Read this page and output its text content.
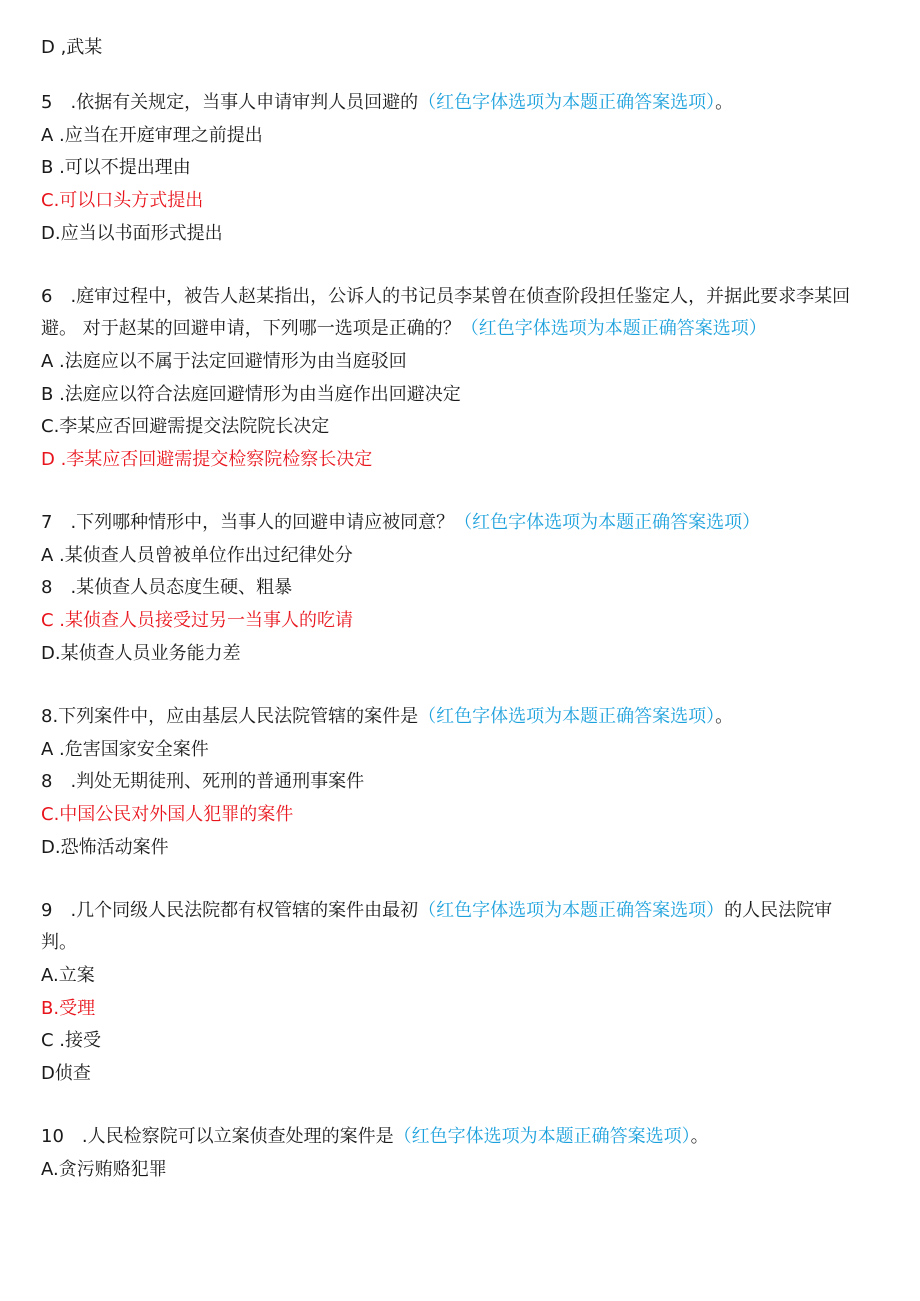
D ,武某
5　.依据有关规定，当事人申请审判人员回避的（红色字体选项为本题正确答案选项）。
A .应当在开庭审理之前提出
B .可以不提出理由
C.可以口头方式提出
D.应当以书面形式提出
6　.庭审过程中，被告人赵某指出，公诉人的书记员李某曾在侦查阶段担任鉴定人，并据此要求李某回
避。 对于赵某的回避申请，下列哪一选项是正确的？（红色字体选项为本题正确答案选项）
A .法庭应以不属于法定回避情形为由当庭驳回
B .法庭应以符合法庭回避情形为由当庭作出回避决定
C.李某应否回避需提交法院院长决定
D .李某应否回避需提交检察院检察长决定
7　.下列哪种情形中，当事人的回避申请应被同意？（红色字体选项为本题正确答案选项）
A .某侦查人员曾被单位作出过纪律处分
8　.某侦查人员态度生硬、粗暴
C .某侦查人员接受过另一当事人的吃请
D.某侦查人员业务能力差
8.下列案件中，应由基层人民法院管辖的案件是（红色字体选项为本题正确答案选项）。
A .危害国家安全案件
8　.判处无期徒刑、死刑的普通刑事案件
C.中国公民对外国人犯罪的案件
D.恐怖活动案件
9　.几个同级人民法院都有权管辖的案件由最初（红色字体选项为本题正确答案选项）的人民法院审
判。
A.立案
B.受理
C .接受
D侦查
10　.人民检察院可以立案侦查处理的案件是（红色字体选项为本题正确答案选项）。
A.贪污贿赂犯罪
